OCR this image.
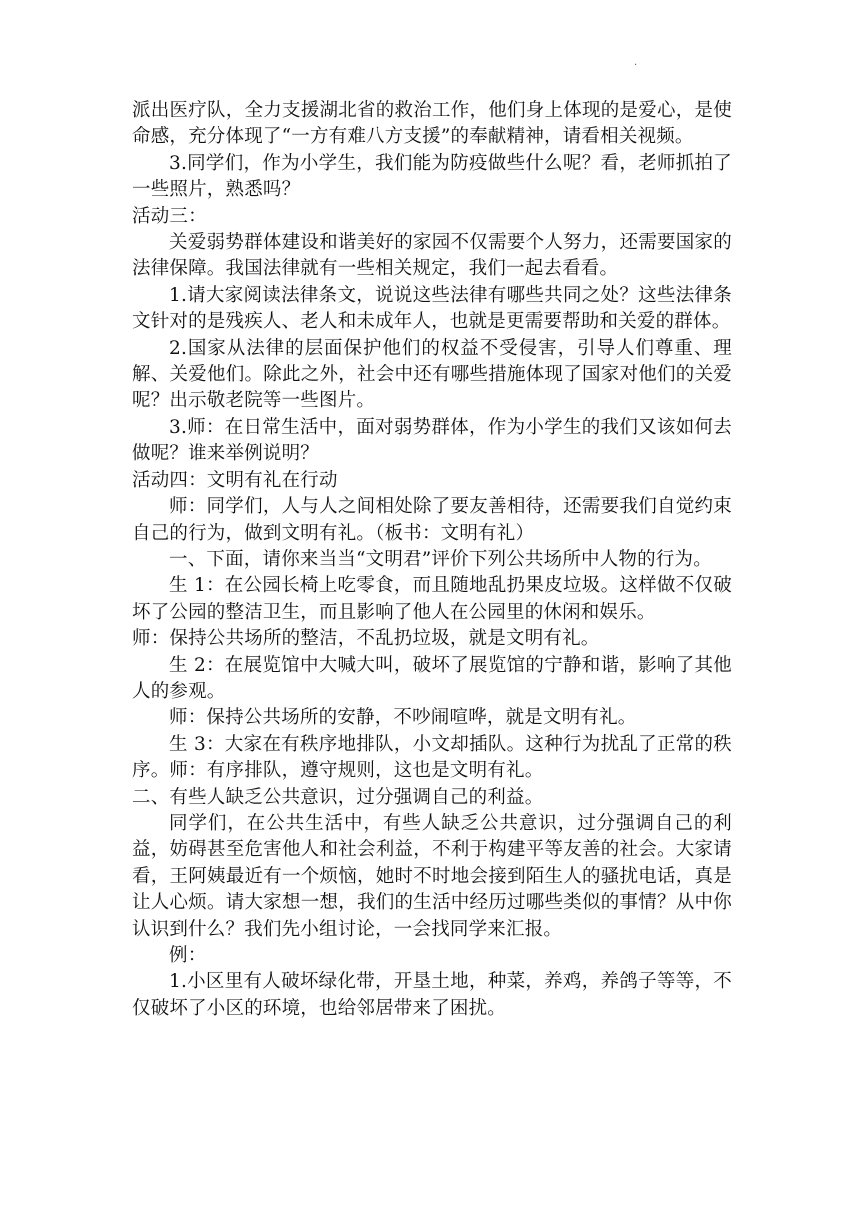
.

派出医疗队，全力支援湖北省的救治工作，他们身上体现的是爱心，是使命感，充分体现了“一方有难八方支援”的奉献精神，请看相关视频。

3.同学们，作为小学生，我们能为防疫做些什么呢？看，老师抓拍了一些照片，熟悉吗？

活动三：

关爱弱势群体建设和谐美好的家园不仅需要个人努力，还需要国家的法律保障。我国法律就有一些相关规定，我们一起去看看。

1.请大家阅读法律条文，说说这些法律有哪些共同之处？这些法律条文针对的是残疾人、老人和未成年人，也就是更需要帮助和关爱的群体。

2.国家从法律的层面保护他们的权益不受侵害，引导人们尊重、理解、关爱他们。除此之外，社会中还有哪些措施体现了国家对他们的关爱呢？出示敬老院等一些图片。

3.师：在日常生活中，面对弱势群体，作为小学生的我们又该如何去做呢？谁来举例说明？

活动四：文明有礼在行动

师：同学们，人与人之间相处除了要友善相待，还需要我们自觉约束自己的行为，做到文明有礼。（板书：文明有礼）

一、下面，请你来当当“文明君”评价下列公共场所中人物的行为。

生 1：在公园长椅上吃零食，而且随地乱扔果皮垃圾。这样做不仅破坏了公园的整洁卫生，而且影响了他人在公园里的休闲和娱乐。

师：保持公共场所的整洁，不乱扔垃圾，就是文明有礼。

生 2：在展览馆中大喊大叫，破坏了展览馆的宁静和谐，影响了其他人的参观。

师：保持公共场所的安静，不吵闹喧哗，就是文明有礼。

生 3：大家在有秩序地排队，小文却插队。这种行为扰乱了正常的秩序。师：有序排队，遵守规则，这也是文明有礼。

二、有些人缺乏公共意识，过分强调自己的利益。

同学们，在公共生活中，有些人缺乏公共意识，过分强调自己的利益，妨碍甚至危害他人和社会利益，不利于构建平等友善的社会。大家请看，王阿姨最近有一个烦恼，她时不时地会接到陌生人的骚扰电话，真是让人心烦。请大家想一想，我们的生活中经历过哪些类似的事情？从中你认识到什么？我们先小组讨论，一会找同学来汇报。

例：

1.小区里有人破坏绿化带，开垦土地，种菜，养鸡，养鸽子等等，不仅破坏了小区的环境，也给邻居带来了困扰。
